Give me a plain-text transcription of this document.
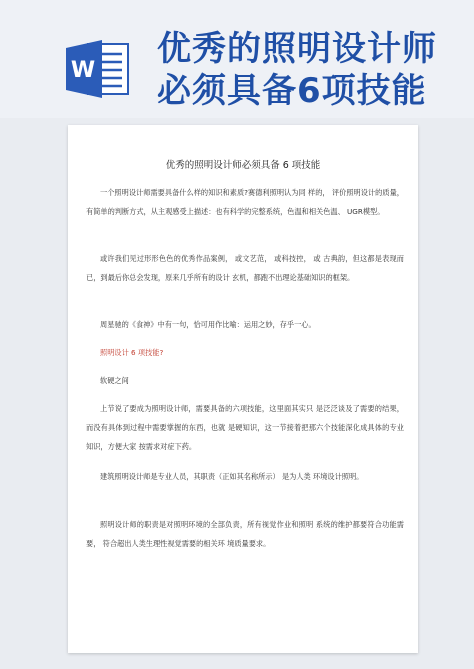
W
优秀的照明设计师
必须具备6项技能
优秀的照明设计师必须具备 6 项技能

一个照明设计师需要具备什么样的知识和素质?赛德利照明认为同 样的， 评价照明设计的质量，有简单的判断方式，从主观感受上描述：也有科学的完整系统，色温和相关色温、 UGR模型。

或许我们见过形形色色的优秀作品案例， 或文艺范， 或科技控， 或 古典韵，但这都是表现而已，到最后你总会发现，原来几乎所有的设计 玄机，都跑不出理论基础知识的框架。

周星驰的《食神》中有一句，恰可用作比喻：运用之妙，存乎一心。

照明设计 6 项技能?

软硬之间

上节说了要成为照明设计师，需要具备的六项技能，这里面其实只 是泛泛谈及了需要的结果，而没有具体到过程中需要掌握的东西，也就 是硬知识，这一节接着把那六个技能深化成具体的专业知识，方便大家 按需求对症下药。

建筑照明设计师是专业人员，其职责（正如其名称所示） 是为人类 环境设计照明。

照明设计师的职责是对照明环境的全部负责，所有视觉作业和照明 系统的维护都要符合功能需要， 符合超出人类生理性视觉需要的相关环 境质量要求。
